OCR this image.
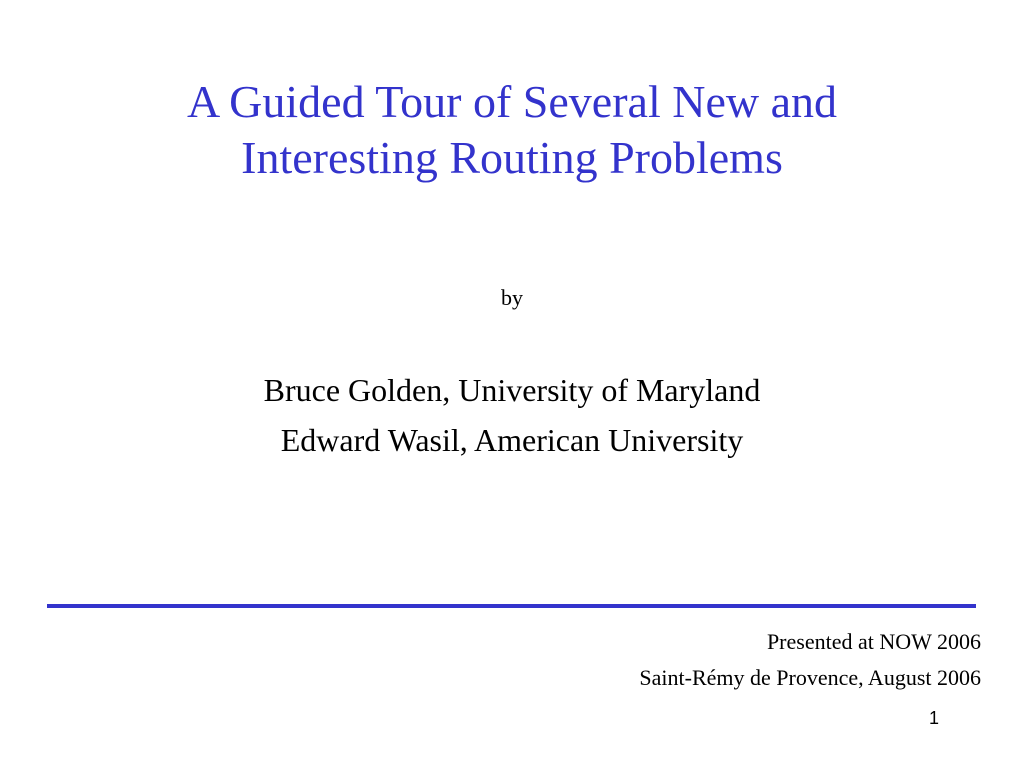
A Guided Tour of Several New and
Interesting Routing Problems
by
Bruce Golden, University of Maryland
Edward Wasil, American University
Presented at NOW 2006
Saint-Rémy de Provence, August 2006
1
